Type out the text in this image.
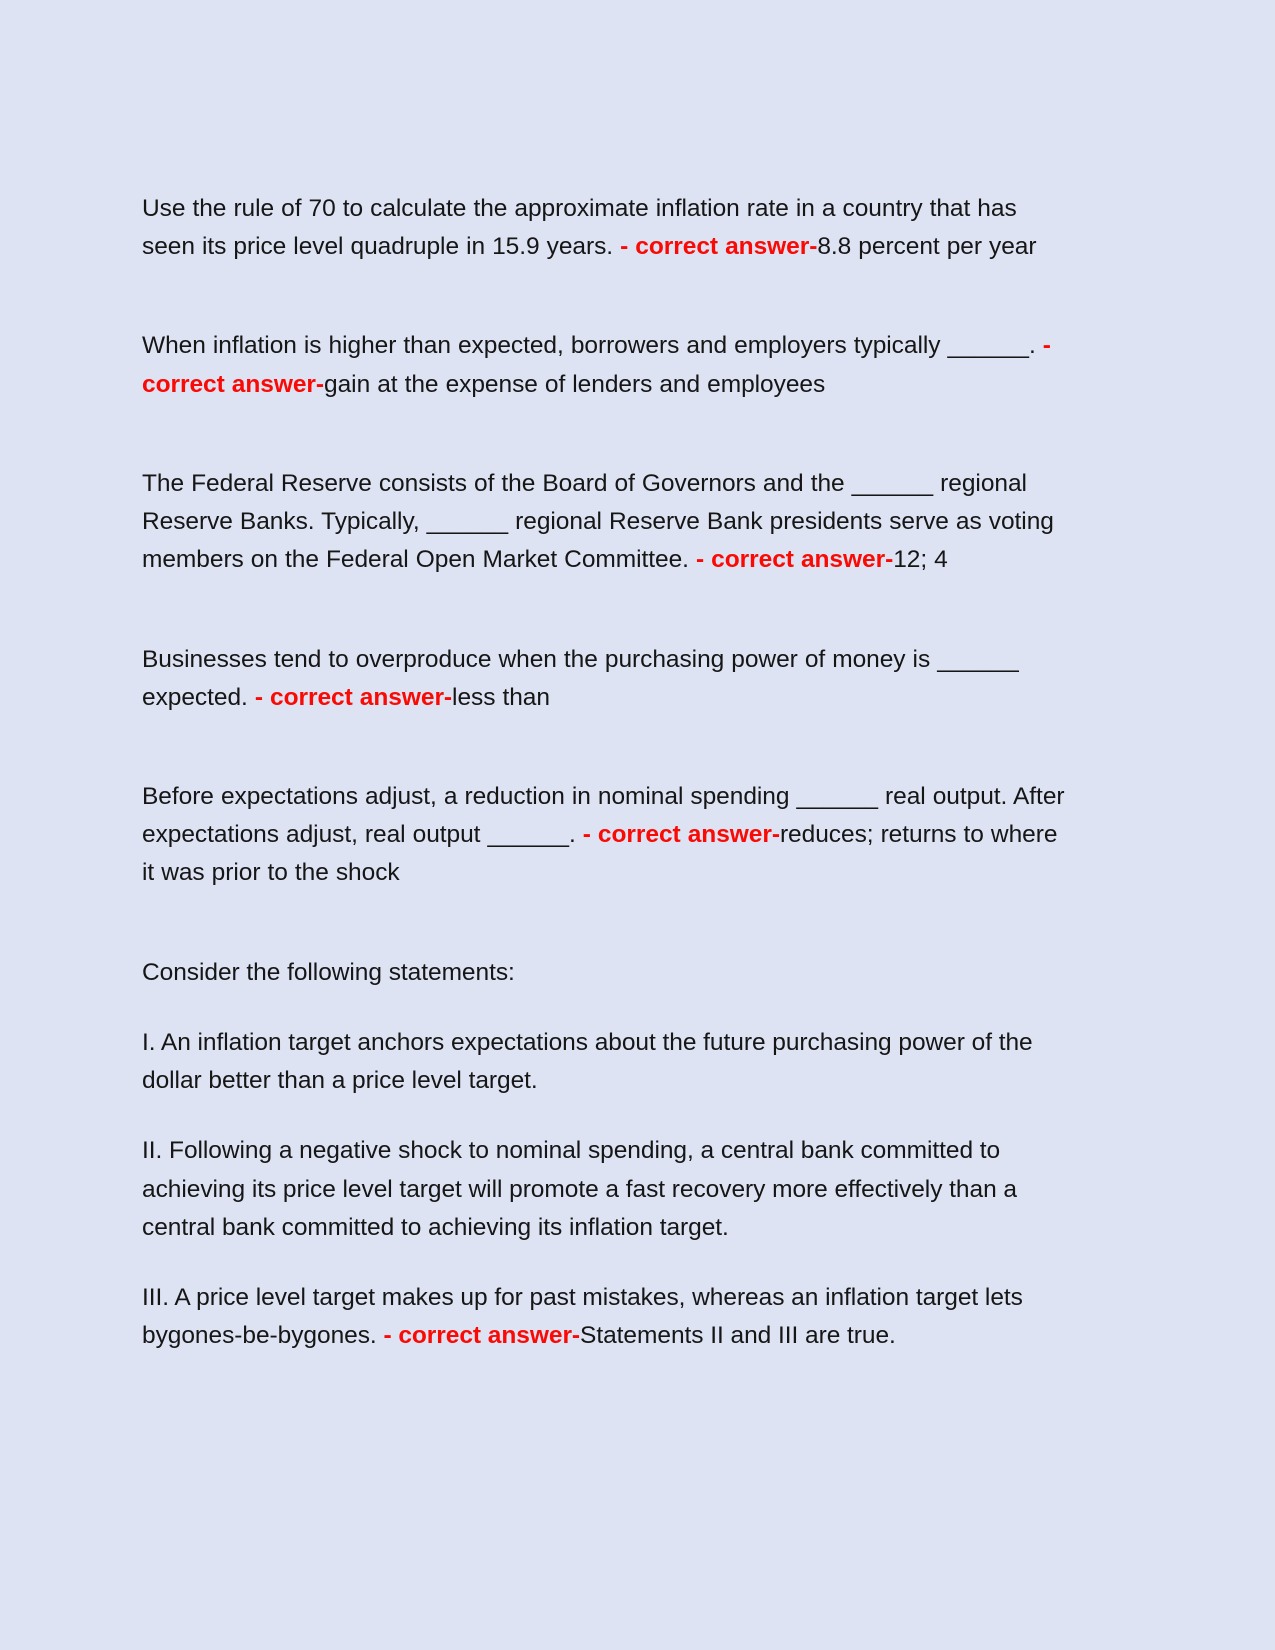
Use the rule of 70 to calculate the approximate inflation rate in a country that has seen its price level quadruple in 15.9 years. - correct answer-8.8 percent per year

When inflation is higher than expected, borrowers and employers typically ______. - correct answer-gain at the expense of lenders and employees

The Federal Reserve consists of the Board of Governors and the ______ regional Reserve Banks. Typically, ______ regional Reserve Bank presidents serve as voting members on the Federal Open Market Committee. - correct answer-12; 4

Businesses tend to overproduce when the purchasing power of money is ______ expected. - correct answer-less than

Before expectations adjust, a reduction in nominal spending ______ real output. After expectations adjust, real output ______. - correct answer-reduces; returns to where it was prior to the shock

Consider the following statements:

I. An inflation target anchors expectations about the future purchasing power of the dollar better than a price level target.

II. Following a negative shock to nominal spending, a central bank committed to achieving its price level target will promote a fast recovery more effectively than a central bank committed to achieving its inflation target.

III. A price level target makes up for past mistakes, whereas an inflation target lets bygones-be-bygones. - correct answer-Statements II and III are true.
